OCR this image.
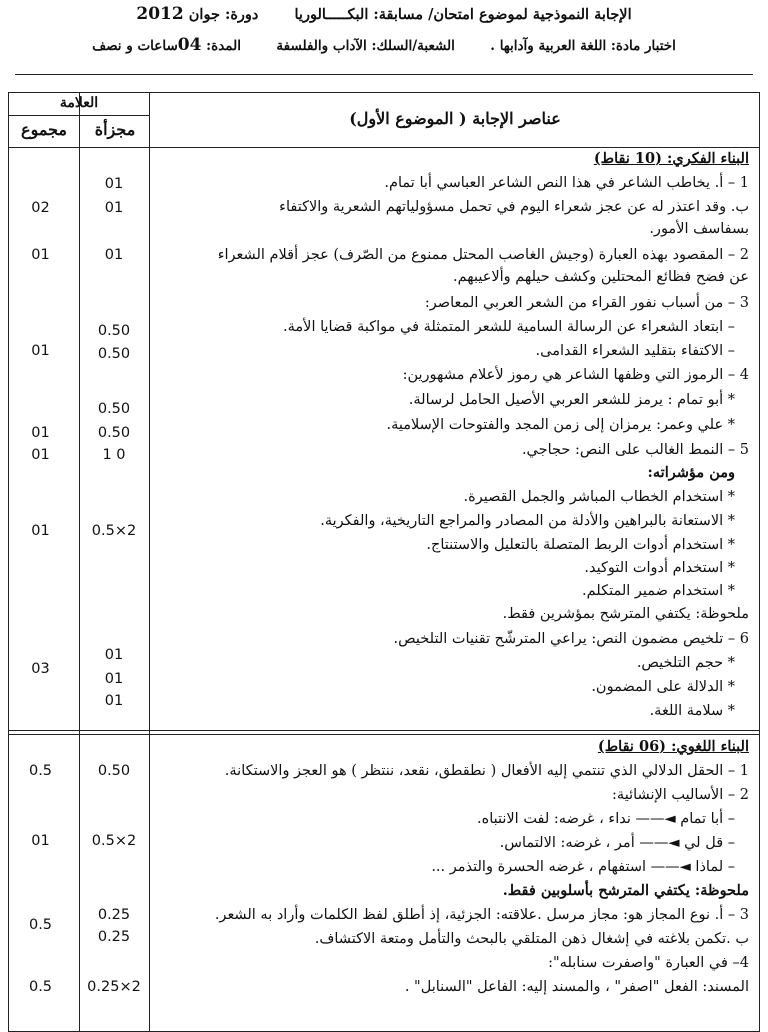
الإجابة النموذجية لموضوع امتحان/ مسابقة: البكـــــالوريا  دورة: جوان 2012
اختبار مادة: اللغة العربية وآدابها .  الشعبة/السلك: الآداب والفلسفة  المدة: 04ساعات و نصف
العلامة
مجزأة
مجموع
عناصر الإجابة ( الموضوع الأول)
البناء الفكري: (10 نقاط)
1 – أ. يخاطب الشاعر في هذا النص الشاعر العباسي أبا تمام.
ب. وقد اعتذر له عن عجز شعراء اليوم في تحمل مسؤولياتهم الشعرية والاكتفاء
بسفاسف الأمور.
2 – المقصود بهذه العبارة (وجيش الغاصب المحتل ممنوع من الصّرف) عجز أقلام الشعراء
عن فضح فظائع المحتلين وكشف حيلهم وألاعيبهم.
3 – من أسباب نفور القراء من الشعر العربي المعاصر:
– ابتعاد الشعراء عن الرسالة السامية للشعر المتمثلة في مواكبة قضايا الأمة.
– الاكتفاء بتقليد الشعراء القدامى.
4 – الرموز التي وظفها الشاعر هي رموز لأعلام مشهورين:
* أبو تمام : يرمز للشعر العربي الأصيل الحامل لرسالة.
* علي وعمر: يرمزان إلى زمن المجد والفتوحات الإسلامية.
5 – النمط الغالب على النص: حجاجي.
ومن مؤشراته:
* استخدام الخطاب المباشر والجمل القصيرة.
* الاستعانة بالبراهين والأدلة من المصادر والمراجع التاريخية، والفكرية.
* استخدام أدوات الربط المتصلة بالتعليل والاستنتاج.
* استخدام أدوات التوكيد.
* استخدام ضمير المتكلم.
ملحوظة: يكتفي المترشح بمؤشرين فقط.
6 – تلخيص مضمون النص: يراعي المترشّح تقنيات التلخيص.
* حجم التلخيص.
* الدلالة على المضمون.
* سلامة اللغة.
البناء اللغوي: (06 نقاط)
1 – الحقل الدلالي الذي تنتمي إليه الأفعال ( نطقطق، نقعد، ننتظر ) هو العجز والاستكانة.
2 – الأساليب الإنشائية:
– أبا تمام ◄—— نداء ، غرضه: لفت الانتباه.
– قل لي ◄—— أمر ، غرضه: الالتماس.
– لماذا ◄—— استفهام ، غرضه الحسرة والتذمر ...
ملحوظة: يكتفي المترشح بأسلوبين فقط.
3 – أ. نوع المجاز هو: مجاز مرسل .علاقته: الجزئية، إذ أطلق لفظ الكلمات وأراد به الشعر.
ب .تكمن بلاغته في إشغال ذهن المتلقي بالبحث والتأمل ومتعة الاكتشاف.
4– في العبارة "واصفرت سنابله":
المسند: الفعل "اصفر" ، والمسند إليه: الفاعل "السنابل" .
01
01
01
0.50
0.50
0.50
0.50
0 1
2×0.5
01
01
01
0.50
2×0.5
0.25
0.25
2×0.25
02
01
01
01
01
01
03
0.5
01
0.5
0.5
